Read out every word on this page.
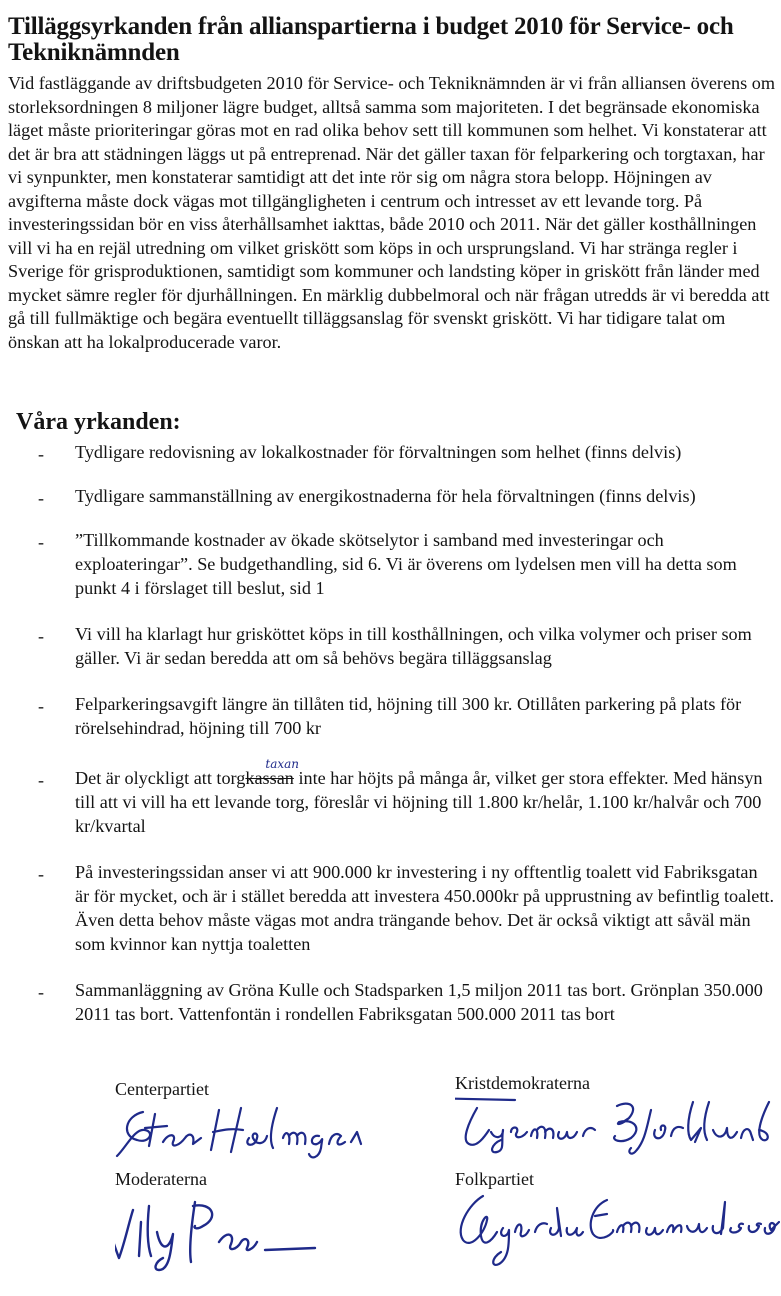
Tilläggsyrkanden från allianspartierna i budget 2010 för Service- och Tekniknämnden

Vid fastläggande av driftsbudgeten 2010 för Service- och Tekniknämnden är vi från alliansen överens om storleksordningen 8 miljoner lägre budget, alltså samma som majoriteten. I det begränsade ekonomiska läget måste prioriteringar göras mot en rad olika behov sett till kommunen som helhet. Vi konstaterar att det är bra att städningen läggs ut på entreprenad. När det gäller taxan för felparkering och torgtaxan, har vi synpunkter, men konstaterar samtidigt att det inte rör sig om några stora belopp. Höjningen av avgifterna måste dock vägas mot tillgängligheten i centrum och intresset av ett levande torg. På investeringssidan bör en viss återhållsamhet iakttas, både 2010 och 2011. När det gäller kosthållningen vill vi ha en rejäl utredning om vilket griskött som köps in och ursprungsland. Vi har stränga regler i Sverige för grisproduktionen, samtidigt som kommuner och landsting köper in griskött från länder med mycket sämre regler för djurhållningen. En märklig dubbelmoral och när frågan utredds är vi beredda att gå till fullmäktige och begära eventuellt tilläggsanslag för svenskt griskött. Vi har tidigare talat om önskan att ha lokalproducerade varor.

Våra yrkanden:
- Tydligare redovisning av lokalkostnader för förvaltningen som helhet (finns delvis)
- Tydligare sammanställning av energikostnaderna för hela förvaltningen (finns delvis)
- ”Tillkommande kostnader av ökade skötselytor i samband med investeringar och exploateringar”. Se budgethandling, sid 6. Vi är överens om lydelsen men vill ha detta som punkt 4 i förslaget till beslut, sid 1
- Vi vill ha klarlagt hur grisköttet köps in till kosthållningen, och vilka volymer och priser som gäller. Vi är sedan beredda att om så behövs begära tilläggsanslag
- Felparkeringsavgift längre än tillåten tid, höjning till 300 kr. Otillåten parkering på plats för rörelsehindrad, höjning till 700 kr
- Det är olyckligt att torg
taxan
kassan inte har höjts på många år, vilket ger stora effekter. Med hänsyn till att vi vill ha ett levande torg, föreslår vi höjning till 1.800 kr/helår, 1.100 kr/halvår och 700 kr/kvartal
- På investeringssidan anser vi att 900.000 kr investering i ny offtentlig toalett vid Fabriksgatan är för mycket, och är i stället beredda att investera 450.000kr på upprustning av befintlig toalett. Även detta behov måste vägas mot andra trängande behov. Det är också viktigt att såväl män som kvinnor kan nyttja toaletten
- Sammanläggning av Gröna Kulle och Stadsparken 1,5 miljon 2011 tas bort. Grönplan 350.000 2011 tas bort. Vattenfontän i rondellen Fabriksgatan 500.000 2011 tas bort
Centerpartiet	Kristdemokraterna
Moderaterna	Folkpartiet
